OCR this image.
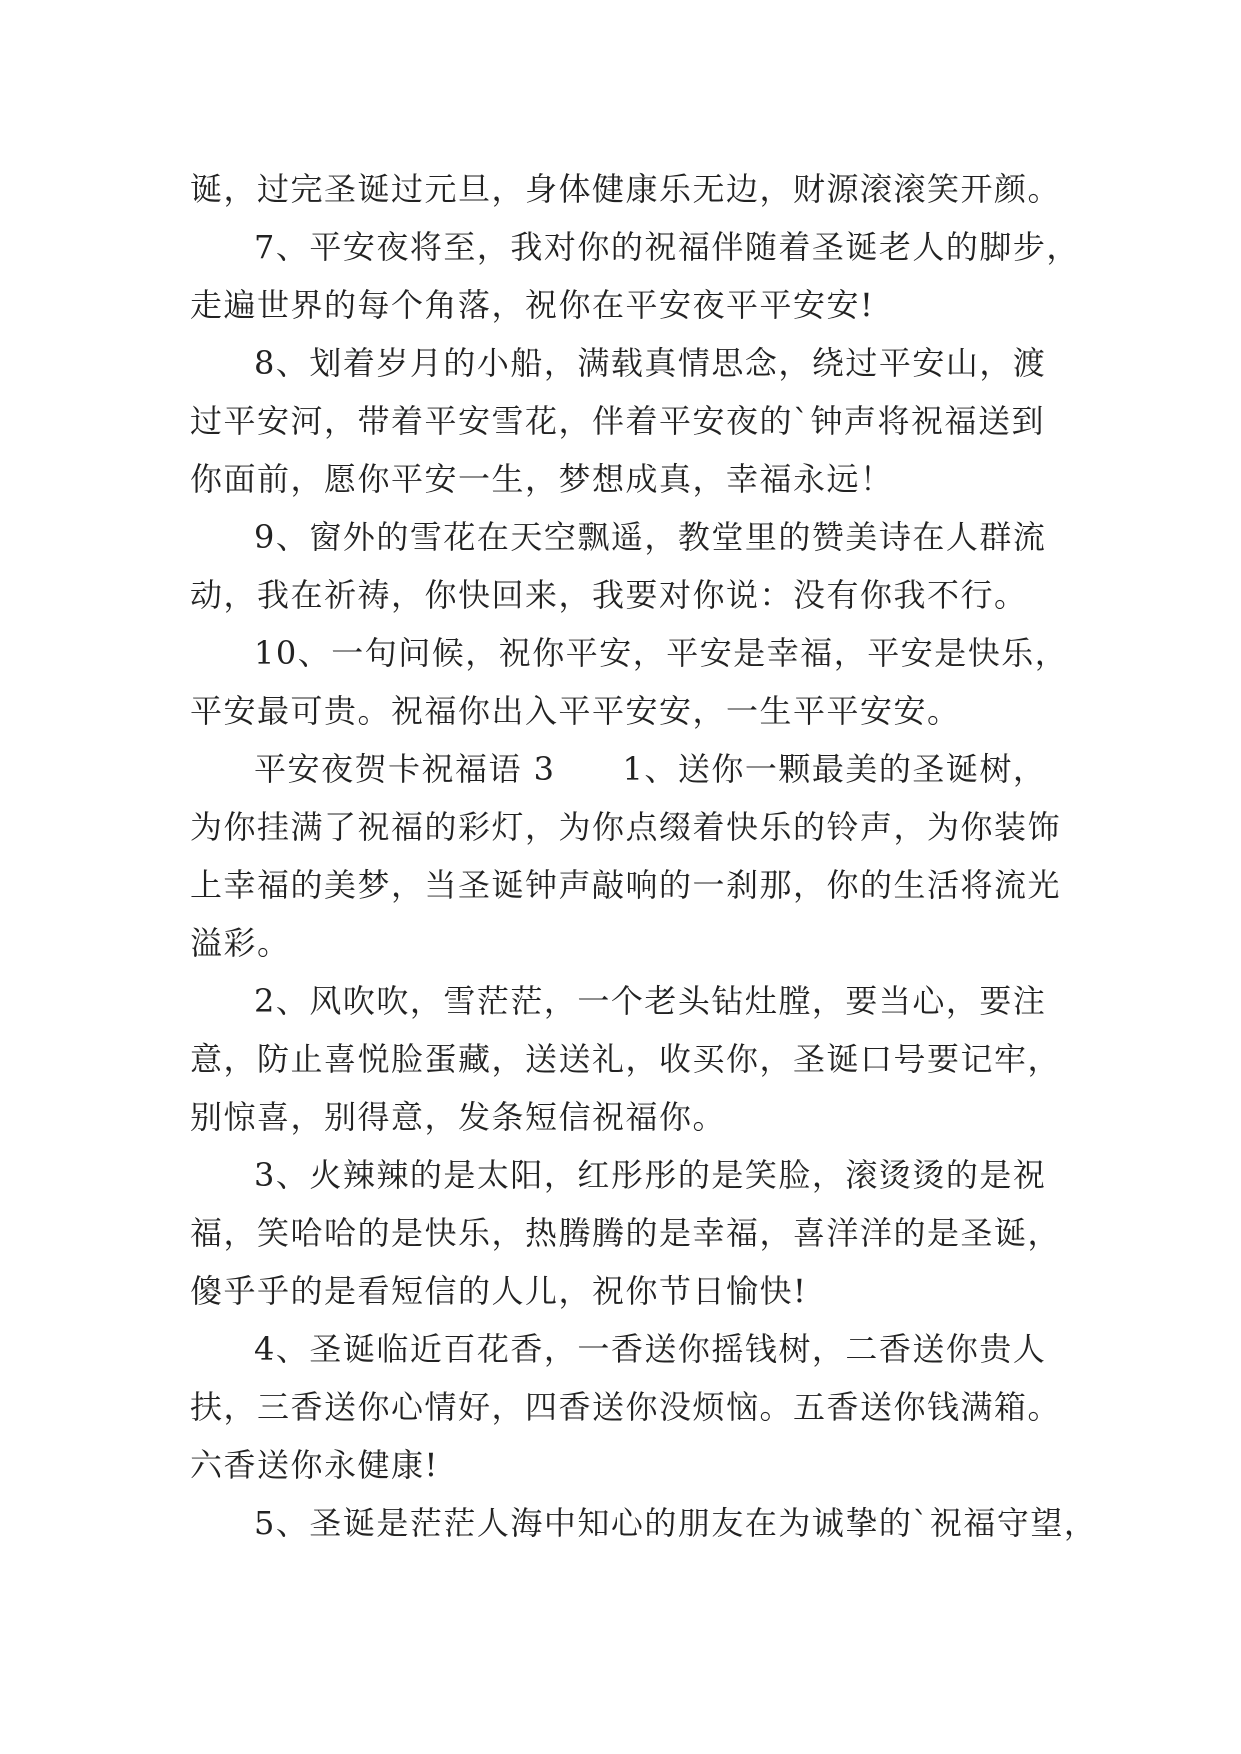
诞，过完圣诞过元旦，身体健康乐无边，财源滚滚笑开颜。
7、平安夜将至，我对你的祝福伴随着圣诞老人的脚步，
走遍世界的每个角落，祝你在平安夜平平安安!
8、划着岁月的小船，满载真情思念，绕过平安山，渡
过平安河，带着平安雪花，伴着平安夜的`钟声将祝福送到
你面前，愿你平安一生，梦想成真，幸福永远！
9、窗外的雪花在天空飘遥，教堂里的赞美诗在人群流
动，我在祈祷，你快回来，我要对你说：没有你我不行。
10、一句问候，祝你平安，平安是幸福，平安是快乐，
平安最可贵。祝福你出入平平安安，一生平平安安。
平安夜贺卡祝福语 3　　1、送你一颗最美的圣诞树，
为你挂满了祝福的彩灯，为你点缀着快乐的铃声，为你装饰
上幸福的美梦，当圣诞钟声敲响的一刹那，你的生活将流光
溢彩。
2、风吹吹，雪茫茫，一个老头钻灶膛，要当心，要注
意，防止喜悦脸蛋藏，送送礼，收买你，圣诞口号要记牢，
别惊喜，别得意，发条短信祝福你。
3、火辣辣的是太阳，红彤彤的是笑脸，滚烫烫的是祝
福，笑哈哈的是快乐，热腾腾的是幸福，喜洋洋的是圣诞，
傻乎乎的是看短信的人儿，祝你节日愉快!
4、圣诞临近百花香，一香送你摇钱树，二香送你贵人
扶，三香送你心情好，四香送你没烦恼。五香送你钱满箱。
六香送你永健康!
5、圣诞是茫茫人海中知心的朋友在为诚挚的`祝福守望，
